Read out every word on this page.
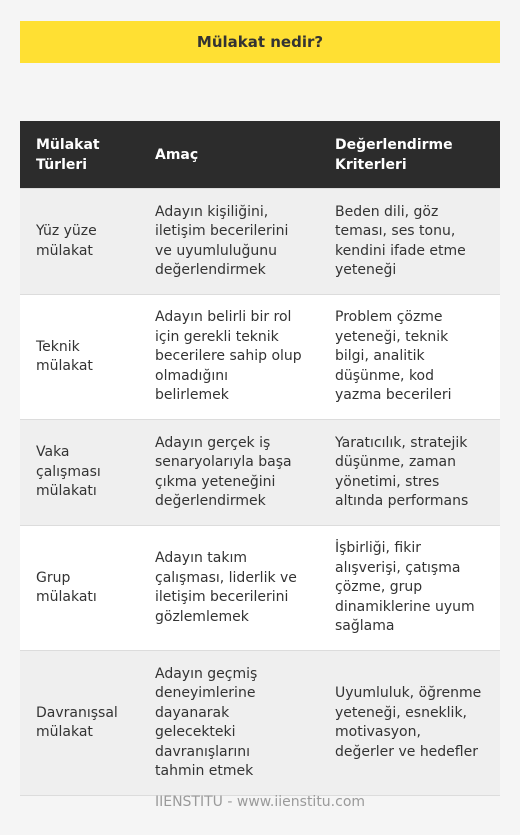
Mülakat nedir?
Mülakat Türleri	Amaç	Değerlendirme Kriterleri
Yüz yüze mülakat	Adayın kişiliğini, iletişim becerilerini ve uyumluluğunu değerlendirmek	Beden dili, göz teması, ses tonu, kendini ifade etme yeteneği
Teknik mülakat	Adayın belirli bir rol için gerekli teknik becerilere sahip olup olmadığını belirlemek	Problem çözme yeteneği, teknik bilgi, analitik düşünme, kod yazma becerileri
Vaka çalışması mülakatı	Adayın gerçek iş senaryolarıyla başa çıkma yeteneğini değerlendirmek	Yaratıcılık, stratejik düşünme, zaman yönetimi, stres altında performans
Grup mülakatı	Adayın takım çalışması, liderlik ve iletişim becerilerini gözlemlemek	İşbirliği, fikir alışverişi, çatışma çözme, grup dinamiklerine uyum sağlama
Davranışsal mülakat	Adayın geçmiş deneyimlerine dayanarak gelecekteki davranışlarını tahmin etmek	Uyumluluk, öğrenme yeteneği, esneklik, motivasyon, değerler ve hedefler
IIENSTITU - www.iienstitu.com
